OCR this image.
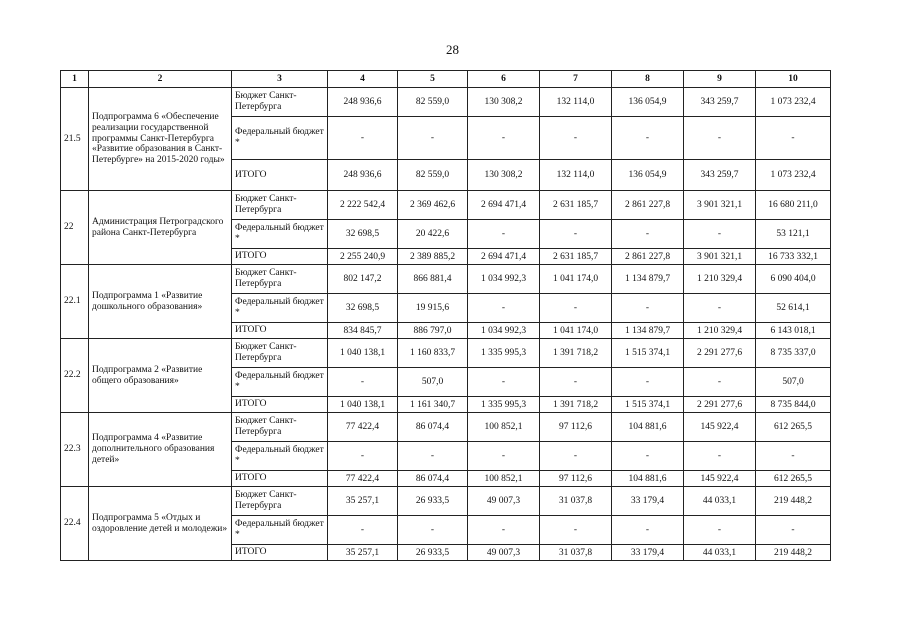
28
1	2	3	4	5	6	7	8	9	10
21.5	Подпрограмма 6 «Обеспечение реализации государственной программы Санкт-Петербурга «Развитие образования в Санкт-Петербурге» на 2015-2020 годы»	Бюджет Санкт-Петербурга	248 936,6	82 559,0	130 308,2	132 114,0	136 054,9	343 259,7	1 073 232,4
		Федеральный бюджет *	-	-	-	-	-	-	-
		ИТОГО	248 936,6	82 559,0	130 308,2	132 114,0	136 054,9	343 259,7	1 073 232,4
22	Администрация Петроградского района Санкт-Петербурга	Бюджет Санкт-Петербурга	2 222 542,4	2 369 462,6	2 694 471,4	2 631 185,7	2 861 227,8	3 901 321,1	16 680 211,0
		Федеральный бюджет *	32 698,5	20 422,6	-	-	-	-	53 121,1
		ИТОГО	2 255 240,9	2 389 885,2	2 694 471,4	2 631 185,7	2 861 227,8	3 901 321,1	16 733 332,1
22.1	Подпрограмма 1 «Развитие дошкольного образования»	Бюджет Санкт-Петербурга	802 147,2	866 881,4	1 034 992,3	1 041 174,0	1 134 879,7	1 210 329,4	6 090 404,0
		Федеральный бюджет *	32 698,5	19 915,6	-	-	-	-	52 614,1
		ИТОГО	834 845,7	886 797,0	1 034 992,3	1 041 174,0	1 134 879,7	1 210 329,4	6 143 018,1
22.2	Подпрограмма 2 «Развитие общего образования»	Бюджет Санкт-Петербурга	1 040 138,1	1 160 833,7	1 335 995,3	1 391 718,2	1 515 374,1	2 291 277,6	8 735 337,0
		Федеральный бюджет *	-	507,0	-	-	-	-	507,0
		ИТОГО	1 040 138,1	1 161 340,7	1 335 995,3	1 391 718,2	1 515 374,1	2 291 277,6	8 735 844,0
22.3	Подпрограмма 4 «Развитие дополнительного образования детей»	Бюджет Санкт-Петербурга	77 422,4	86 074,4	100 852,1	97 112,6	104 881,6	145 922,4	612 265,5
		Федеральный бюджет *	-	-	-	-	-	-	-
		ИТОГО	77 422,4	86 074,4	100 852,1	97 112,6	104 881,6	145 922,4	612 265,5
22.4	Подпрограмма 5 «Отдых и оздоровление детей и молодежи»	Бюджет Санкт-Петербурга	35 257,1	26 933,5	49 007,3	31 037,8	33 179,4	44 033,1	219 448,2
		Федеральный бюджет *	-	-	-	-	-	-	-
		ИТОГО	35 257,1	26 933,5	49 007,3	31 037,8	33 179,4	44 033,1	219 448,2
